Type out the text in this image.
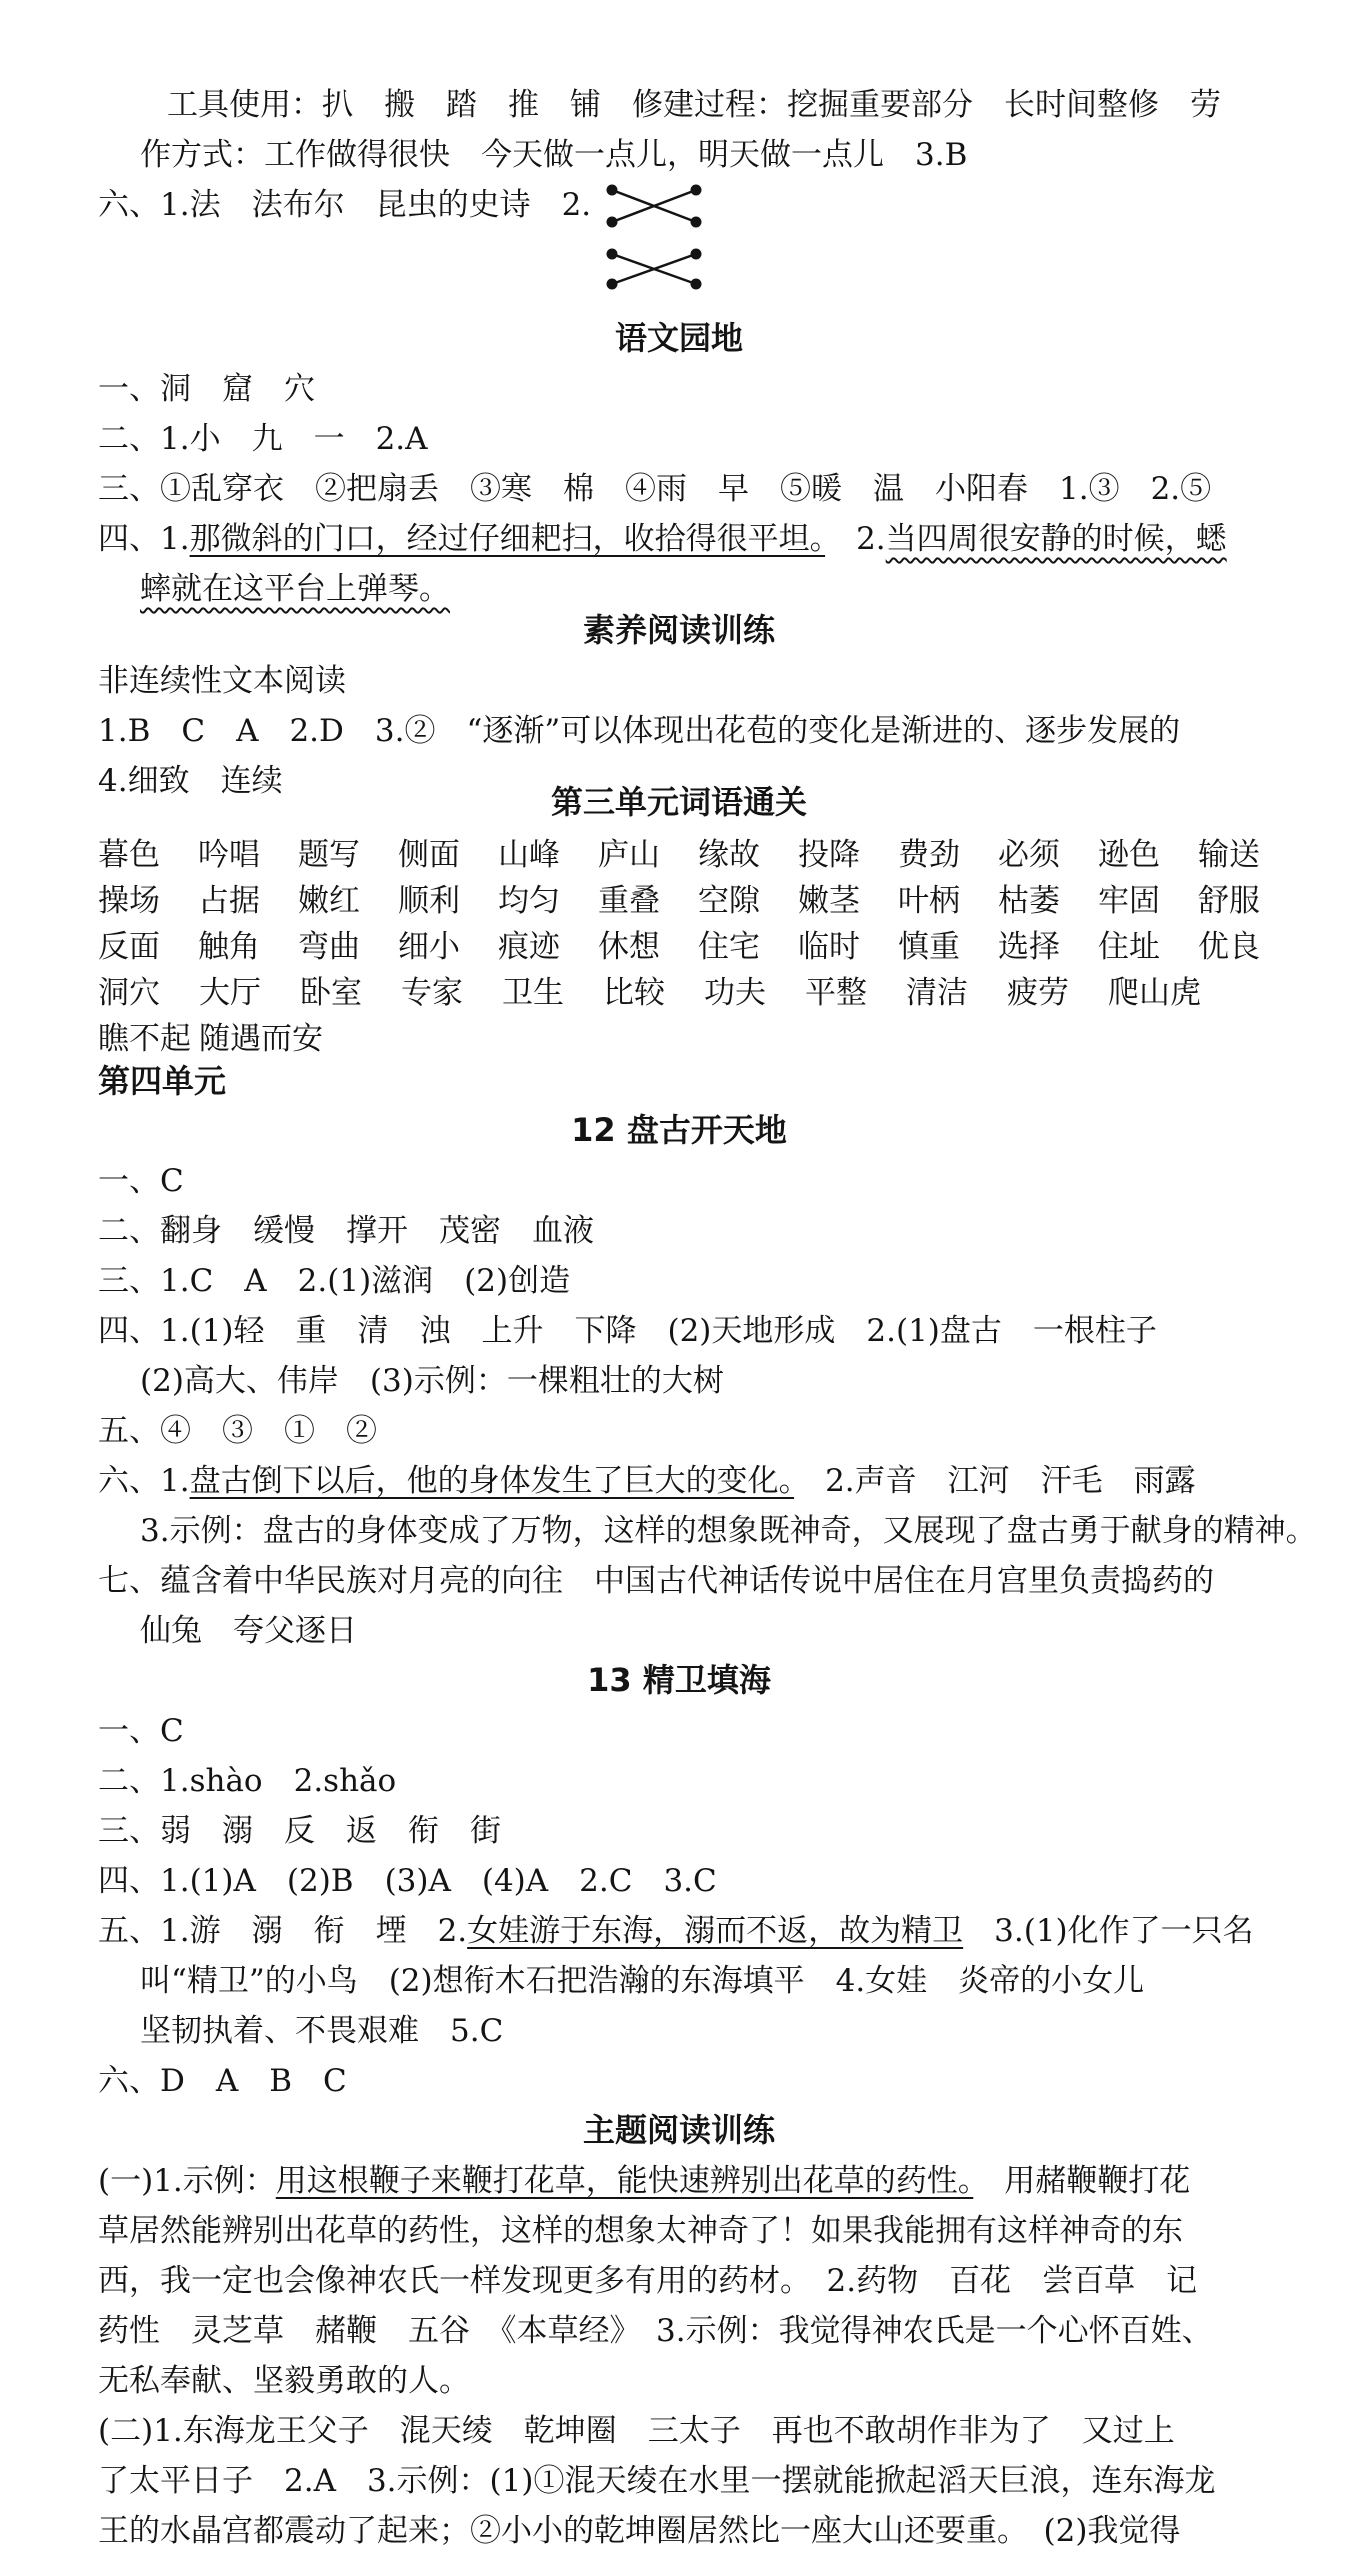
工具使用：扒　搬　踏　推　铺　修建过程：挖掘重要部分　长时间整修　劳
作方式：工作做得很快　今天做一点儿，明天做一点儿　3.B
六、1.法　法布尔　昆虫的史诗　2.
语文园地
一、洞　窟　穴
二、1.小　九　一　2.A
三、①乱穿衣　②把扇丢　③寒　棉　④雨　早　⑤暖　温　小阳春　1.③　2.⑤
四、1.那微斜的门口，经过仔细耙扫，收拾得很平坦。　2.当四周很安静的时候，蟋
蟀就在这平台上弹琴。
素养阅读训练
非连续性文本阅读
1.B　C　A　2.D　3.②　“逐渐”可以体现出花苞的变化是渐进的、逐步发展的
4.细致　连续
第三单元词语通关
暮色	吟唱	题写	侧面	山峰	庐山	缘故	投降	费劲	必须	逊色	输送
操场	占据	嫩红	顺利	均匀	重叠	空隙	嫩茎	叶柄	枯萎	牢固	舒服
反面	触角	弯曲	细小	痕迹	休想	住宅	临时	慎重	选择	住址	优良
洞穴	大厅	卧室	专家	卫生	比较	功夫	平整	清洁	疲劳	爬山虎
瞧不起 随遇而安
第四单元
12 盘古开天地
一、C
二、翻身　缓慢　撑开　茂密　血液
三、1.C　A　2.(1)滋润　(2)创造
四、1.(1)轻　重　清　浊　上升　下降　(2)天地形成　2.(1)盘古　一根柱子
(2)高大、伟岸　(3)示例：一棵粗壮的大树
五、④　③　①　②
六、1.盘古倒下以后，他的身体发生了巨大的变化。　2.声音　江河　汗毛　雨露
3.示例：盘古的身体变成了万物，这样的想象既神奇，又展现了盘古勇于献身的精神。
七、蕴含着中华民族对月亮的向往　中国古代神话传说中居住在月宫里负责捣药的
仙兔　夸父逐日
13 精卫填海
一、C
二、1.shào　2.shǎo
三、弱　溺　反　返　衔　街
四、1.(1)A　(2)B　(3)A　(4)A　2.C　3.C
五、1.游　溺　衔　堙　2.女娃游于东海，溺而不返，故为精卫　3.(1)化作了一只名
叫“精卫”的小鸟　(2)想衔木石把浩瀚的东海填平　4.女娃　炎帝的小女儿
坚韧执着、不畏艰难　5.C
六、D　A　B　C
主题阅读训练
(一)1.示例：用这根鞭子来鞭打花草，能快速辨别出花草的药性。　用赭鞭鞭打花
草居然能辨别出花草的药性，这样的想象太神奇了！如果我能拥有这样神奇的东
西，我一定也会像神农氏一样发现更多有用的药材。　2.药物　百花　尝百草　记
药性　灵芝草　赭鞭　五谷　《本草经》　3.示例：我觉得神农氏是一个心怀百姓、
无私奉献、坚毅勇敢的人。
(二)1.东海龙王父子　混天绫　乾坤圈　三太子　再也不敢胡作非为了　又过上
了太平日子　2.A　3.示例：(1)①混天绫在水里一摆就能掀起滔天巨浪，连东海龙
王的水晶宫都震动了起来；②小小的乾坤圈居然比一座大山还要重。　(2)我觉得
